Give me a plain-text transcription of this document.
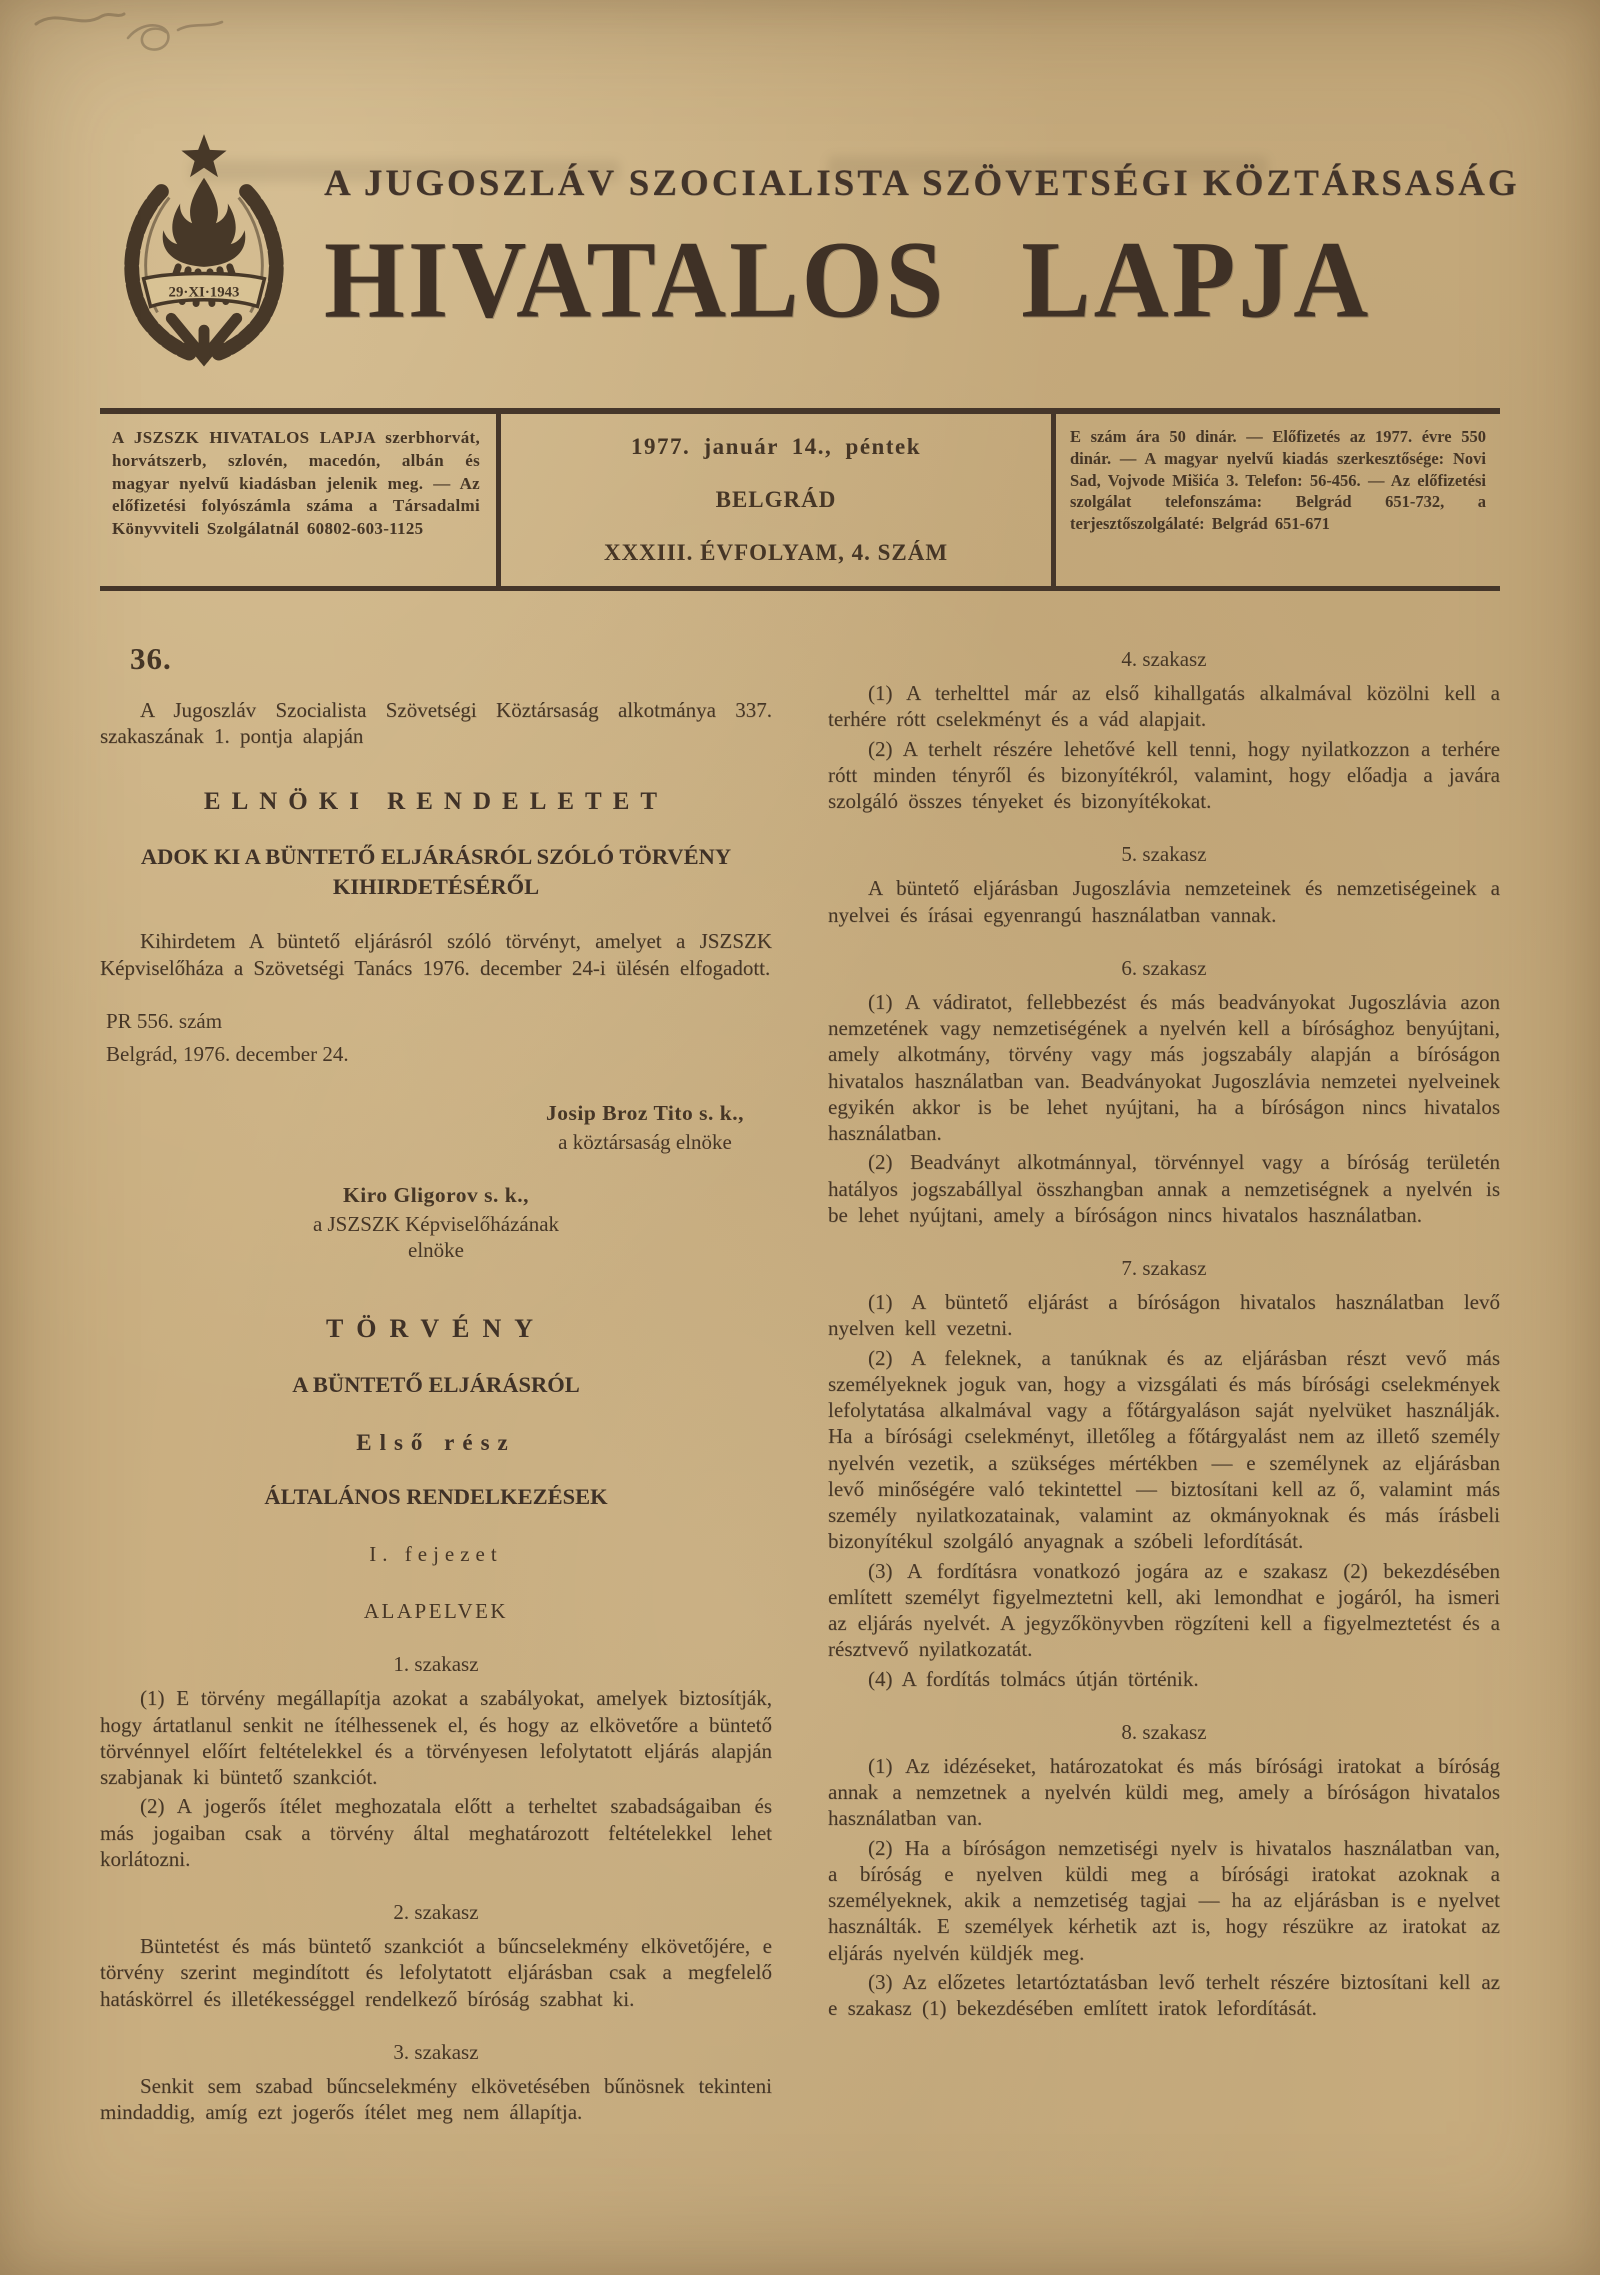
29·XI·1943
A JUGOSZLÁV SZOCIALISTA SZÖVETSÉGI KÖZTÁRSASÁG
HIVATALOS LAPJA
A JSZSZK HIVATALOS LAPJA szerbhorvát, horvátszerb, szlovén, macedón, albán és magyar nyelvű kiadásban jelenik meg. — Az előfizetési folyószámla száma a Társadalmi Könyvviteli Szolgálatnál 60802-603-1125
1977. január 14., péntek
BELGRÁD
XXXIII. ÉVFOLYAM, 4. SZÁM
E szám ára 50 dinár. — Előfizetés az 1977. évre 550 dinár. — A magyar nyelvű kiadás szerkesztősége: Novi Sad, Vojvode Mišića 3. Telefon: 56-456. — Az előfizetési szolgálat telefonszáma: Belgrád 651-732, a terjesztőszolgálaté: Belgrád 651-671
36.

A Jugoszláv Szocialista Szövetségi Köztársaság alkotmánya 337. szakaszának 1. pontja alapján

ELNÖKI RENDELETET
ADOK KI A BÜNTETŐ ELJÁRÁSRÓL SZÓLÓ TÖRVÉNY KIHIRDETÉSÉRŐL

Kihirdetem A büntető eljárásról szóló törvényt, amelyet a JSZSZK Képviselőháza a Szövetségi Tanács 1976. december 24-i ülésén elfogadott.

PR 556. szám

Belgrád, 1976. december 24.

Josip Broz Tito s. k.,
a köztársaság elnöke
Kiro Gligorov s. k.,
a JSZSZK Képviselőházának elnöke
TÖRVÉNY
A BÜNTETŐ ELJÁRÁSRÓL
Első rész
ÁLTALÁNOS RENDELKEZÉSEK
I. fejezet
ALAPELVEK
1. szakasz

(1) E törvény megállapítja azokat a szabályokat, amelyek biztosítják, hogy ártatlanul senkit ne ítélhessenek el, és hogy az elkövetőre a büntető törvénnyel előírt feltételekkel és a törvényesen lefolytatott eljárás alapján szabjanak ki büntető szankciót.

(2) A jogerős ítélet meghozatala előtt a terheltet szabadságaiban és más jogaiban csak a törvény által meghatározott feltételekkel lehet korlátozni.

2. szakasz

Büntetést és más büntető szankciót a bűncselekmény elkövetőjére, e törvény szerint megindított és lefolytatott eljárásban csak a megfelelő hatáskörrel és illetékességgel rendelkező bíróság szabhat ki.

3. szakasz

Senkit sem szabad bűncselekmény elkövetésében bűnösnek tekinteni mindaddig, amíg ezt jogerős ítélet meg nem állapítja.

4. szakasz

(1) A terhelttel már az első kihallgatás alkalmával közölni kell a terhére rótt cselekményt és a vád alapjait.

(2) A terhelt részére lehetővé kell tenni, hogy nyilatkozzon a terhére rótt minden tényről és bizonyítékról, valamint, hogy előadja a javára szolgáló összes tényeket és bizonyítékokat.

5. szakasz

A büntető eljárásban Jugoszlávia nemzeteinek és nemzetiségeinek a nyelvei és írásai egyenrangú használatban vannak.

6. szakasz

(1) A vádiratot, fellebbezést és más beadványokat Jugoszlávia azon nemzetének vagy nemzetiségének a nyelvén kell a bírósághoz benyújtani, amely alkotmány, törvény vagy más jogszabály alapján a bíróságon hivatalos használatban van. Beadványokat Jugoszlávia nemzetei nyelveinek egyikén akkor is be lehet nyújtani, ha a bíróságon nincs hivatalos használatban.

(2) Beadványt alkotmánnyal, törvénnyel vagy a bíróság területén hatályos jogszabállyal összhangban annak a nemzetiségnek a nyelvén is be lehet nyújtani, amely a bíróságon nincs hivatalos használatban.

7. szakasz

(1) A büntető eljárást a bíróságon hivatalos használatban levő nyelven kell vezetni.

(2) A feleknek, a tanúknak és az eljárásban részt vevő más személyeknek joguk van, hogy a vizsgálati és más bírósági cselekmények lefolytatása alkalmával vagy a főtárgyaláson saját nyelvüket használják. Ha a bírósági cselekményt, illetőleg a főtárgyalást nem az illető személy nyelvén vezetik, a szükséges mértékben — e személynek az eljárásban levő minőségére való tekintettel — biztosítani kell az ő, valamint más személy nyilatkozatainak, valamint az okmányoknak és más írásbeli bizonyítékul szolgáló anyagnak a szóbeli lefordítását.

(3) A fordításra vonatkozó jogára az e szakasz (2) bekezdésében említett személyt figyelmeztetni kell, aki lemondhat e jogáról, ha ismeri az eljárás nyelvét. A jegyzőkönyvben rögzíteni kell a figyelmeztetést és a résztvevő nyilatkozatát.

(4) A fordítás tolmács útján történik.

8. szakasz

(1) Az idézéseket, határozatokat és más bírósági iratokat a bíróság annak a nemzetnek a nyelvén küldi meg, amely a bíróságon hivatalos használatban van.

(2) Ha a bíróságon nemzetiségi nyelv is hivatalos használatban van, a bíróság e nyelven küldi meg a bírósági iratokat azoknak a személyeknek, akik a nemzetiség tagjai — ha az eljárásban is e nyelvet használták. E személyek kérhetik azt is, hogy részükre az iratokat az eljárás nyelvén küldjék meg.

(3) Az előzetes letartóztatásban levő terhelt részére biztosítani kell az e szakasz (1) bekezdésében említett iratok lefordítását.
